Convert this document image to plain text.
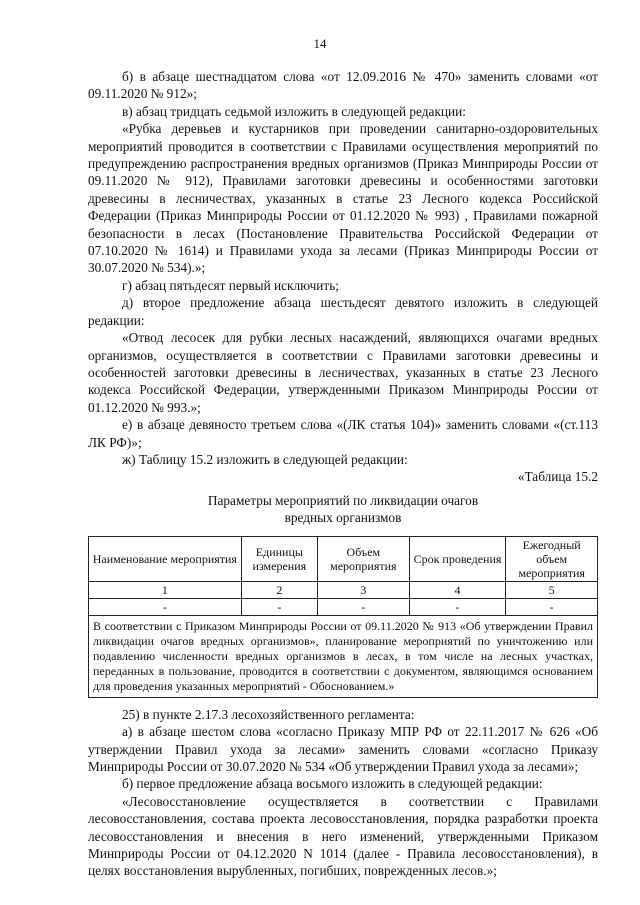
14

б) в абзаце шестнадцатом слова «от 12.09.2016 № 470» заменить словами «от 09.11.2020 № 912»;

в) абзац тридцать седьмой изложить в следующей редакции:

«Рубка деревьев и кустарников при проведении санитарно-оздоровительных мероприятий проводится в соответствии с Правилами осуществления мероприятий по предупреждению распространения вредных организмов (Приказ Минприроды России от 09.11.2020 № 912), Правилами заготовки древесины и особенностями заготовки древесины в лесничествах, указанных в статье 23 Лесного кодекса Российской Федерации (Приказ Минприроды России от 01.12.2020 № 993) , Правилами пожарной безопасности в лесах (Постановление Правительства Российской Федерации от 07.10.2020 № 1614) и Правилами ухода за лесами (Приказ Минприроды России от 30.07.2020 № 534).»;

г) абзац пятьдесят первый исключить;

д) второе предложение абзаца шестьдесят девятого изложить в следующей редакции:

«Отвод лесосек для рубки лесных насаждений, являющихся очагами вредных организмов, осуществляется в соответствии с Правилами заготовки древесины и особенностей заготовки древесины в лесничествах, указанных в статье 23 Лесного кодекса Российской Федерации, утвержденными Приказом Минприроды России от 01.12.2020 № 993.»;

е) в абзаце девяносто третьем слова «(ЛК статья 104)» заменить словами «(ст.113 ЛК РФ)»;

ж) Таблицу 15.2 изложить в следующей редакции:

«Таблица 15.2

Параметры мероприятий по ликвидации очагов
вредных организмов
Наименование мероприятия	Единицы измерения	Объем мероприятия	Срок проведения	Ежегодный объем мероприятия
1	2	3	4	5
-	-	-	-	-
В соответствии с Приказом Минприроды России от 09.11.2020 № 913 «Об утверждении Правил ликвидации очагов вредных организмов», планирование мероприятий по уничтожению или подавлению численности вредных организмов в лесах, в том числе на лесных участках, переданных в пользование, проводится в соответствии с документом, являющимся основанием для проведения указанных мероприятий - Обоснованием.»				

25) в пункте 2.17.3 лесохозяйственного регламента:

а) в абзаце шестом слова «согласно Приказу МПР РФ от 22.11.2017 № 626 «Об утверждении Правил ухода за лесами» заменить словами «согласно Приказу Минприроды России от 30.07.2020 № 534 «Об утверждении Правил ухода за лесами»;

б) первое предложение абзаца восьмого изложить в следующей редакции:

«Лесовосстановление осуществляется в соответствии с Правилами лесовосстановления, состава проекта лесовосстановления, порядка разработки проекта лесовосстановления и внесения в него изменений, утвержденными Приказом Минприроды России от 04.12.2020 N 1014 (далее - Правила лесовосстановления), в целях восстановления вырубленных, погибших, поврежденных лесов.»;
